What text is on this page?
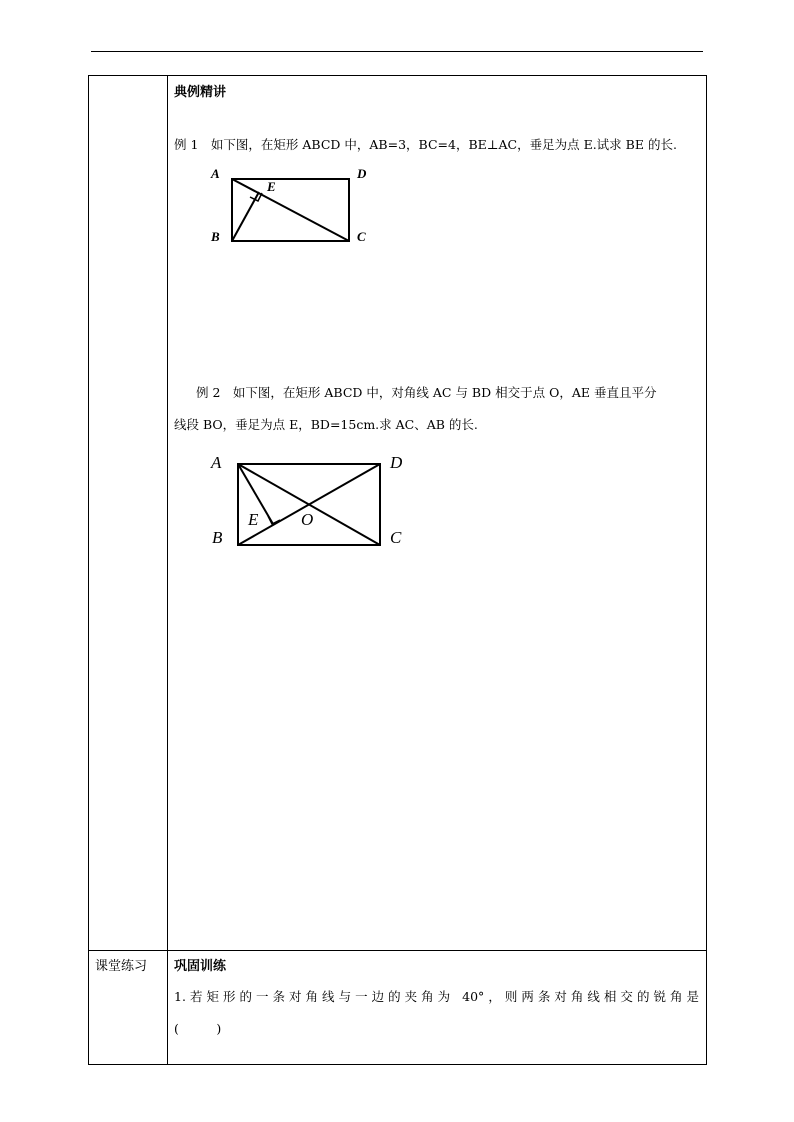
典例精讲
例 1　如下图，在矩形 ABCD 中，AB=3，BC=4，BE⊥AC，垂足为点 E.试求 BE 的长.
A	D
E
B	C
例 2　如下图，在矩形 ABCD 中，对角线 AC 与 BD 相交于点 O，AE 垂直且平分
线段 BO，垂足为点 E，BD=15cm.求 AC、AB 的长.
A	D
E	O
B	C
课堂练习 巩固训练
1.若矩形的一条对角线与一边的夹角为 40°，则两条对角线相交的锐角是
(　　　)
